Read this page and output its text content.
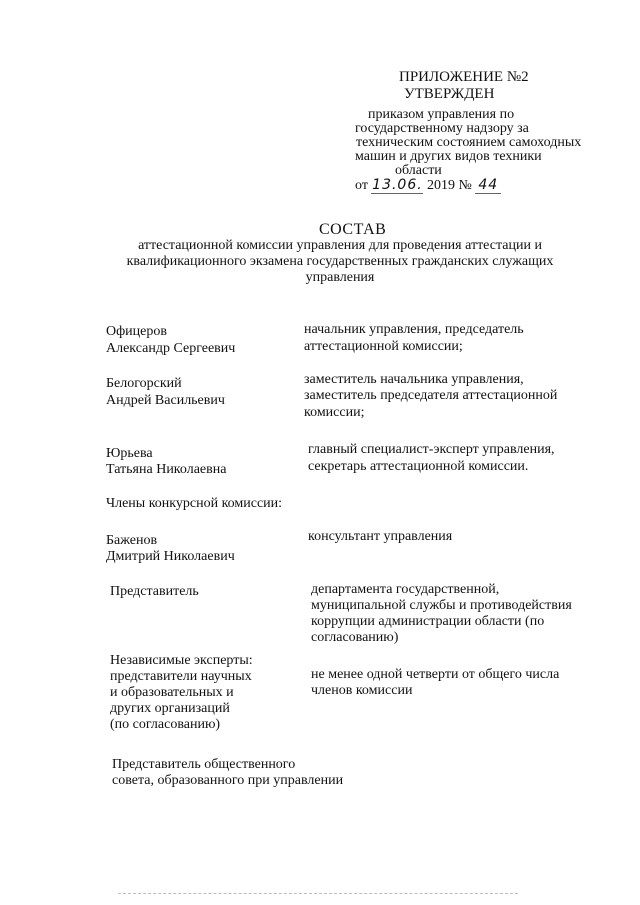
ПРИЛОЖЕНИЕ №2
УТВЕРЖДЕН
приказом управления по
государственному надзору за
техническим состоянием самоходных
машин и других видов техники
области
от 13.06. 2019 № 44
СОСТАВ
аттестационной комиссии управления для проведения аттестации и
квалификационного экзамена государственных гражданских служащих
управления
Офицеров
Александр Сергеевич
начальник управления, председатель
аттестационной комиссии;
Белогорский
Андрей Васильевич
заместитель начальника управления,
заместитель председателя аттестационной
комиссии;
Юрьева
Татьяна Николаевна
главный специалист-эксперт управления,
секретарь аттестационной комиссии.
Члены конкурсной комиссии:
Баженов
Дмитрий Николаевич
консультант управления
Представитель	департамента государственной,
муниципальной службы и противодействия
коррупции администрации области (по
согласованию)
Независимые эксперты:
представители научных
и образовательных и
других организаций
(по согласованию)
не менее одной четверти от общего числа
членов комиссии
Представитель общественного
совета, образованного при управлении
